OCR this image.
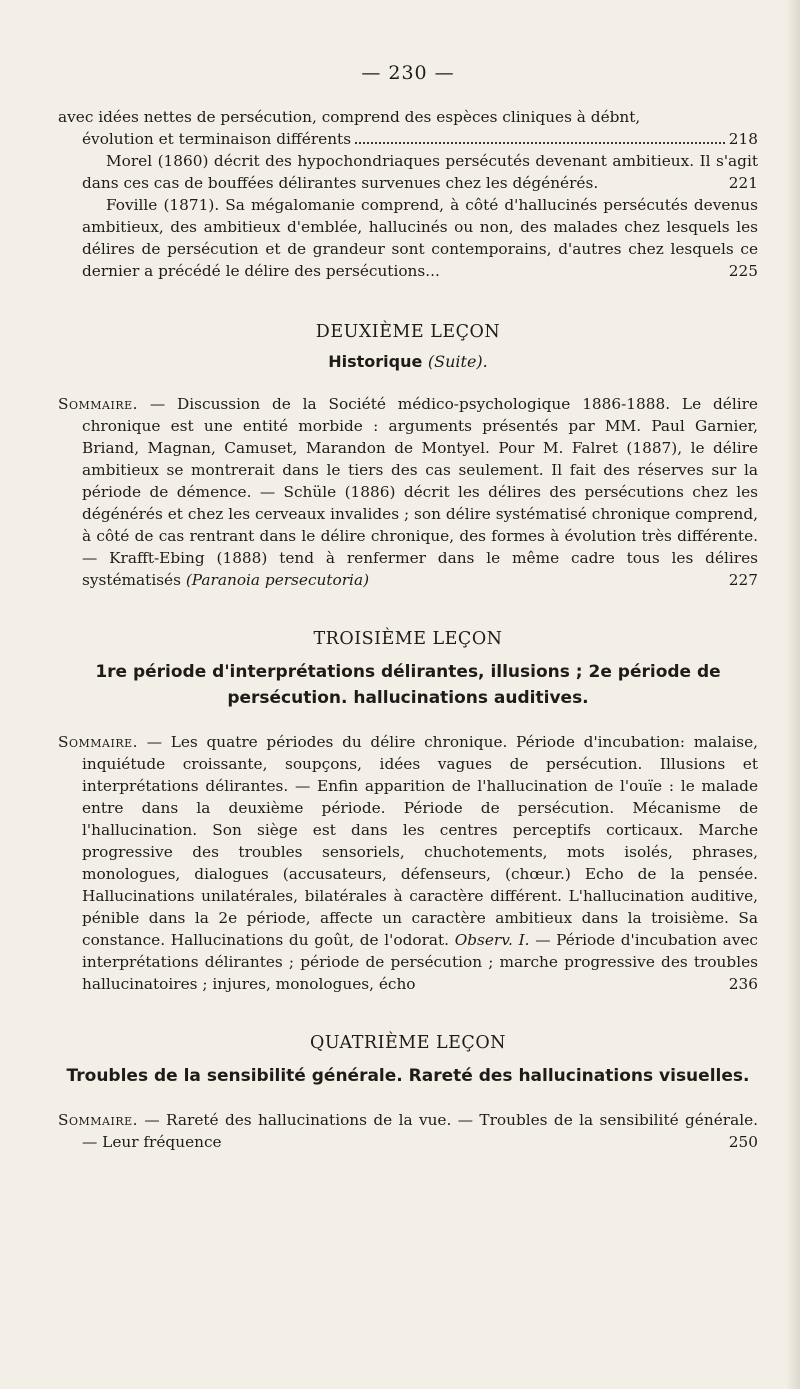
— 230 —

avec idées nettes de persécution, comprend des espèces cliniques à débnt,

évolution et terminaison différents	218

Morel (1860) décrit des hypochondriaques persécutés devenant ambitieux. Il s'agit dans ces cas de bouffées délirantes survenues chez les dégénérés.	221

Foville (1871). Sa mégalomanie comprend, à côté d'hallucinés persécutés devenus ambitieux, des ambitieux d'emblée, hallucinés ou non, des malades chez lesquels les délires de persécution et de grandeur sont contemporains, d'autres chez lesquels ce dernier a précédé le délire des persécutions...	225

DEUXIÈME LEÇON
Historique (Suite).
Sommaire. — Discussion de la Société médico-psychologique 1886-1888. Le délire chronique est une entité morbide : arguments présentés par MM. Paul Garnier, Briand, Magnan, Camuset, Marandon de Montyel. Pour M. Falret (1887), le délire ambitieux se montrerait dans le tiers des cas seulement. Il fait des réserves sur la période de démence. — Schüle (1886) décrit les délires des persécutions chez les dégénérés et chez les cerveaux invalides ; son délire systématisé chronique comprend, à côté de cas rentrant dans le délire chronique, des formes à évolution très différente. — Krafft-Ebing (1888) tend à renfermer dans le même cadre tous les délires systématisés (Paranoia persecutoria)	227
TROISIÈME LEÇON
1re période d'interprétations délirantes, illusions ; 2e période de persécution. hallucinations auditives.
Sommaire. — Les quatre périodes du délire chronique. Période d'incubation: malaise, inquiétude croissante, soupçons, idées vagues de persécution. Illusions et interprétations délirantes. — Enfin apparition de l'hallucination de l'ouïe : le malade entre dans la deuxième période. Période de persécution. Mécanisme de l'hallucination. Son siège est dans les centres perceptifs corticaux. Marche progressive des troubles sensoriels, chuchotements, mots isolés, phrases, monologues, dialogues (accusateurs, défenseurs, (chœur.) Echo de la pensée. Hallucinations unilatérales, bilatérales à caractère différent. L'hallucination auditive, pénible dans la 2e période, affecte un caractère ambitieux dans la troisième. Sa constance. Hallucinations du goût, de l'odorat. Observ. I. — Période d'incubation avec interprétations délirantes ; période de persécution ; marche progressive des troubles hallucinatoires ; injures, monologues, écho	236
QUATRIÈME LEÇON
Troubles de la sensibilité générale. Rareté des hallucinations visuelles.
Sommaire. — Rareté des hallucinations de la vue. — Troubles de la sensibilité générale. — Leur fréquence	250
